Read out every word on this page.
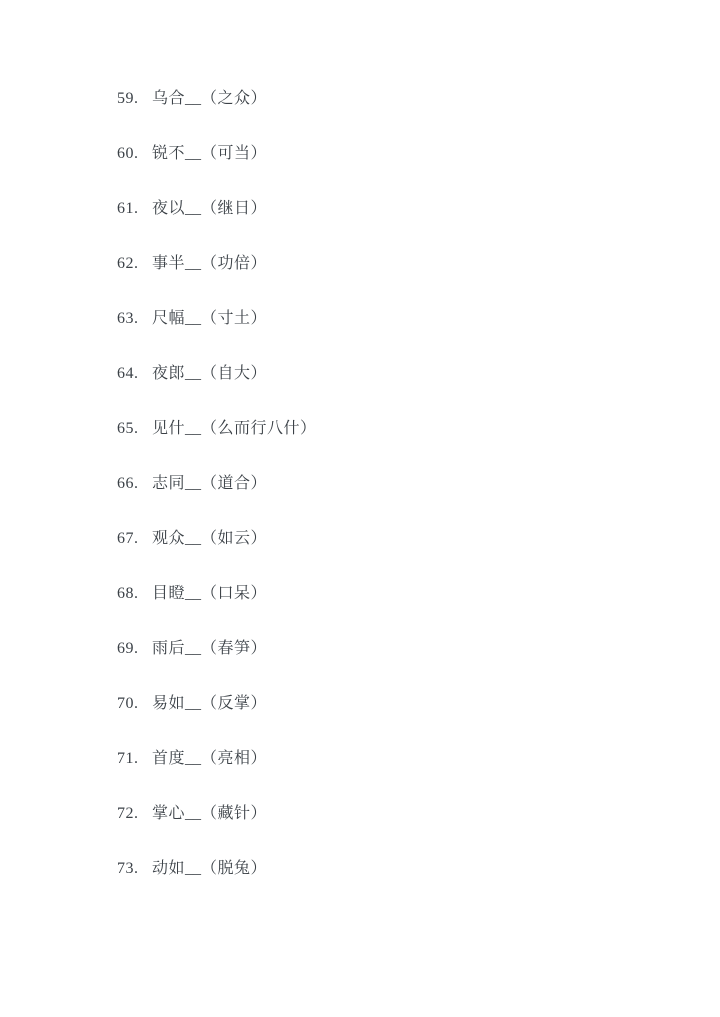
59. 乌合__（之众）
60. 锐不__（可当）
61. 夜以__（继日）
62. 事半__（功倍）
63. 尺幅__（寸土）
64. 夜郎__（自大）
65. 见什__（么而行八什）
66. 志同__（道合）
67. 观众__（如云）
68. 目瞪__（口呆）
69. 雨后__（春笋）
70. 易如__（反掌）
71. 首度__（亮相）
72. 掌心__（藏针）
73. 动如__（脱兔）
